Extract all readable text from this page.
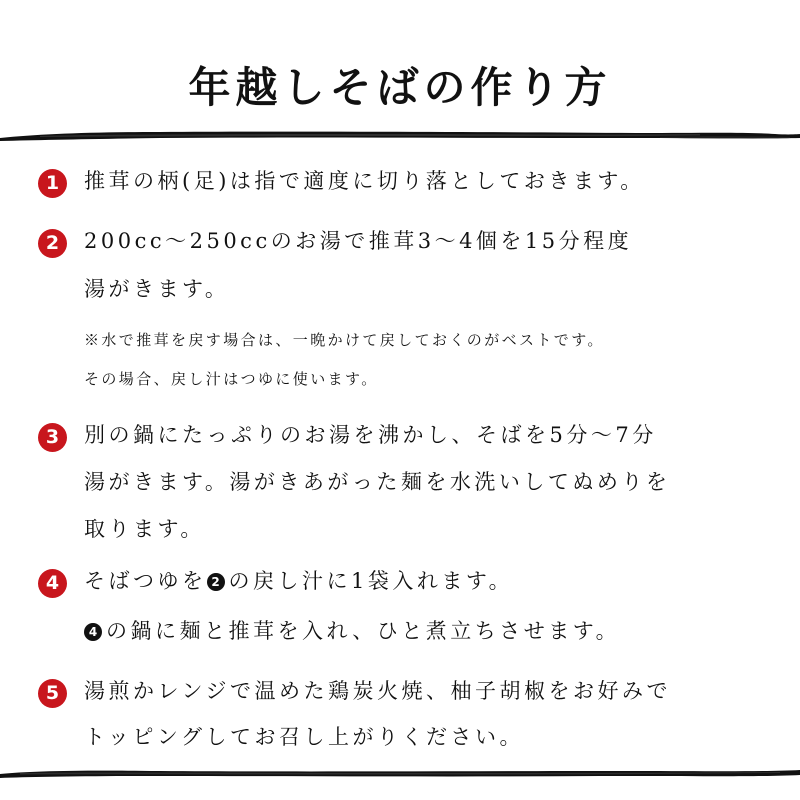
年越しそばの作り方
1	推茸の柄(足)は指で適度に切り落としておきます。
2	200cc〜250ccのお湯で推茸3〜4個を15分程度
湯がきます。
※水で推茸を戻す場合は、一晩かけて戻しておくのがベストです。
その場合、戻し汁はつゆに使います。
3	別の鍋にたっぷりのお湯を沸かし、そばを5分〜7分
湯がきます。湯がきあがった麺を水洗いしてぬめりを
取ります。
4	そばつゆを 2 の戻し汁に1袋入れます。
4 の鍋に麺と推茸を入れ、ひと煮立ちさせます。
5	湯煎かレンジで温めた鶏炭火焼、柚子胡椒をお好みで
トッピングしてお召し上がりください。
